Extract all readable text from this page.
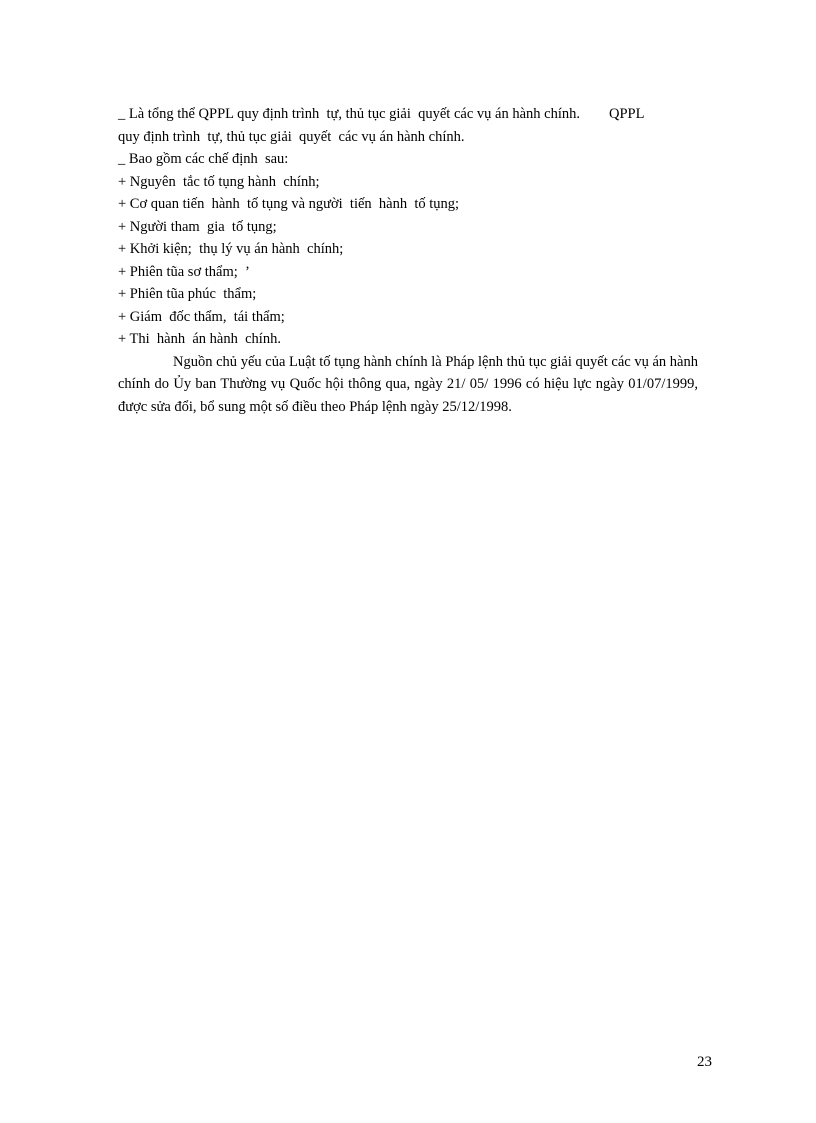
_ Là tổng thể QPPL quy định trình  tự, thủ tục giải  quyết các vụ án hành chính.        QPPL

quy định trình  tự, thủ tục giải  quyết  các vụ án hành chính.

_ Bao gồm các chế định  sau:

+ Nguyên  tắc tố tụng hành  chính;

+ Cơ quan tiến  hành  tố tụng và người  tiến  hành  tố tụng;

+ Người tham  gia  tố tụng;

+ Khởi kiện;  thụ lý vụ án hành  chính;

+ Phiên tũa sơ thẩm;  ’

+ Phiên tũa phúc  thẩm;

+ Giám  đốc thẩm,  tái thẩm;

+ Thi  hành  án hành  chính.

Nguồn chủ yếu của Luật tố tụng hành chính là Pháp lệnh thủ tục giải quyết các vụ án hành chính do Ủy ban Thường vụ Quốc hội thông qua, ngày 21/ 05/ 1996 có hiệu lực ngày 01/07/1999, được sửa đổi, bổ sung một số điều theo Pháp lệnh ngày 25/12/1998.

23
